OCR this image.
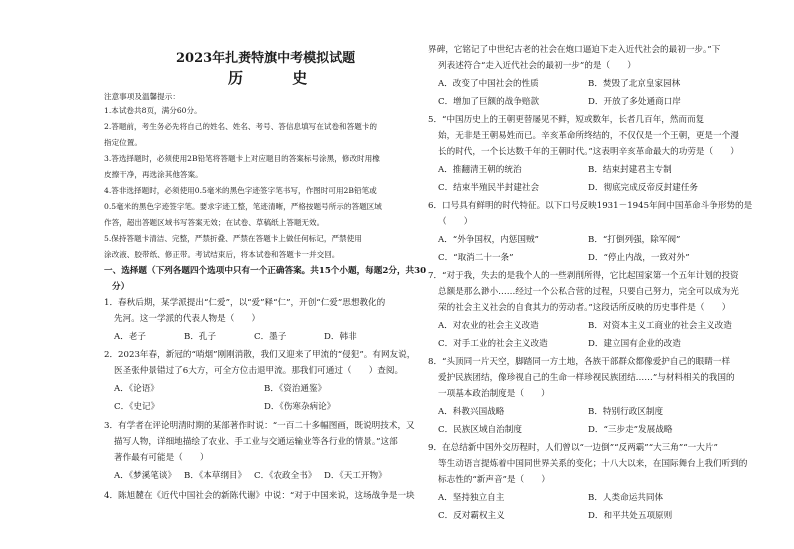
2023年扎赉特旗中考模拟试题
历 史
注意事项及温馨提示：
1.本试卷共8页，满分60分。
2.答题前，考生务必先将自己的姓名、姓名、考号、答信息填写在试卷和答题卡的
指定位置。
3.答选择题时，必须使用2B铅笔将答题卡上对应题目的答案标号涂黑，修改时用橡
皮擦干净，再选涂其他答案。
4.答非选择题时，必须使用0.5毫米的黑色字迹签字笔书写，作图时可用2B铅笔或
0.5毫米的黑色字迹签字笔。要求字迹工整，笔迹清晰，严格按题号所示的答题区域
作答，超出答题区域书写答案无效；在试卷、草稿纸上答题无效。
5.保持答题卡清洁、完整，严禁折叠、严禁在答题卡上做任何标记，严禁使用
涂改液、胶带纸、修正带。考试结束后，将本试卷和答题卡一并交回。
一、选择题（下列各题四个选项中只有一个正确答案。共15个小题，每题2分，共30
分）
1．春秋后期，某学派提出“仁爱”，以“爱”释“仁”，开创“仁爱”思想教化的
先河。这一学派的代表人物是（　　）
A．老子	B．孔子	C．墨子	D．韩非
2．2023年春，新冠的“哨烟”刚刚消散，我们又迎来了甲流的“侵犯”。有网友说，
医圣张仲景错过了6大方，可全方位击退甲流。那我们可通过（　　）查阅。
A．《论语》	B．《资治通鉴》
C．《史记》	D．《伤寒杂病论》
3．有学者在评论明清时期的某部著作时说：“一百二十多幅图画，既说明技术，又
描写人物，详细地描绘了农业、手工业与交通运输业等各行业的情景。”这部
著作最有可能是（　　）
A．《梦溪笔谈》 B．《本草纲目》 C．《农政全书》 D．《天工开物》
4．陈旭麓在《近代中国社会的新陈代谢》中说：“对于中国来说，这场战争是一块
界碑，它铭记了中世纪古老的社会在炮口逼迫下走入近代社会的最初一步。”下
列表述符合“走入近代社会的最初一步”的是（　　）
A．改变了中国社会的性质	B．焚毁了北京皇家园林
C．增加了巨额的战争赔款	D．开放了多处通商口岸
5．“中国历史上的王朝更替屡见不鲜，短或数年，长者几百年，然而而复
始，无非是王朝易姓而已。辛亥革命所终结的，不仅仅是一个王朝，更是一个漫
长的时代，一个长达数千年的王朝时代。”这表明辛亥革命最大的功劳是（　　）
A．推翻清王朝的统治	B．结束封建君主专制
C．结束半殖民半封建社会	D．彻底完成反帝反封建任务
6．口号具有鲜明的时代特征。以下口号反映1931－1945年间中国革命斗争形势的是
（　　）
A．“外争国权，内惩国贼”	B．“打倒列强，除军阀”
C．“取消二十一条”	D．“停止内战，一致对外”
7．“对于我，失去的是我个人的一些剥削所得，它比起国家第一个五年计划的投资
总额是那么渺小……经过一个公私合营的过程，只要自己努力，完全可以成为光
荣的社会主义社会的自食其力的劳动者。”这段话所反映的历史事件是（　　）
A．对农业的社会主义改造	B．对资本主义工商业的社会主义改造
C．对手工业的社会主义改造	D．建立国有企业的改造
8．“头顶同一片天空，脚踏同一方土地，各族干部群众都像爱护自己的眼睛一样
爱护民族团结，像珍视自己的生命一样珍视民族团结……”与材料相关的我国的
一项基本政治制度是（　　）
A．科教兴国战略	B．特别行政区制度
C．民族区域自治制度	D．“三步走”发展战略
9．在总结新中国外交历程时，人们曾以“一边倒”“反两霸”“大三角”“一大片”
等生动语言提炼着中国同世界关系的变化；十八大以来，在国际舞台上我们听到的
标志性的“新声音”是（　　）
A．坚持独立自主	B．人类命运共同体
C．反对霸权主义	D．和平共处五项原则
